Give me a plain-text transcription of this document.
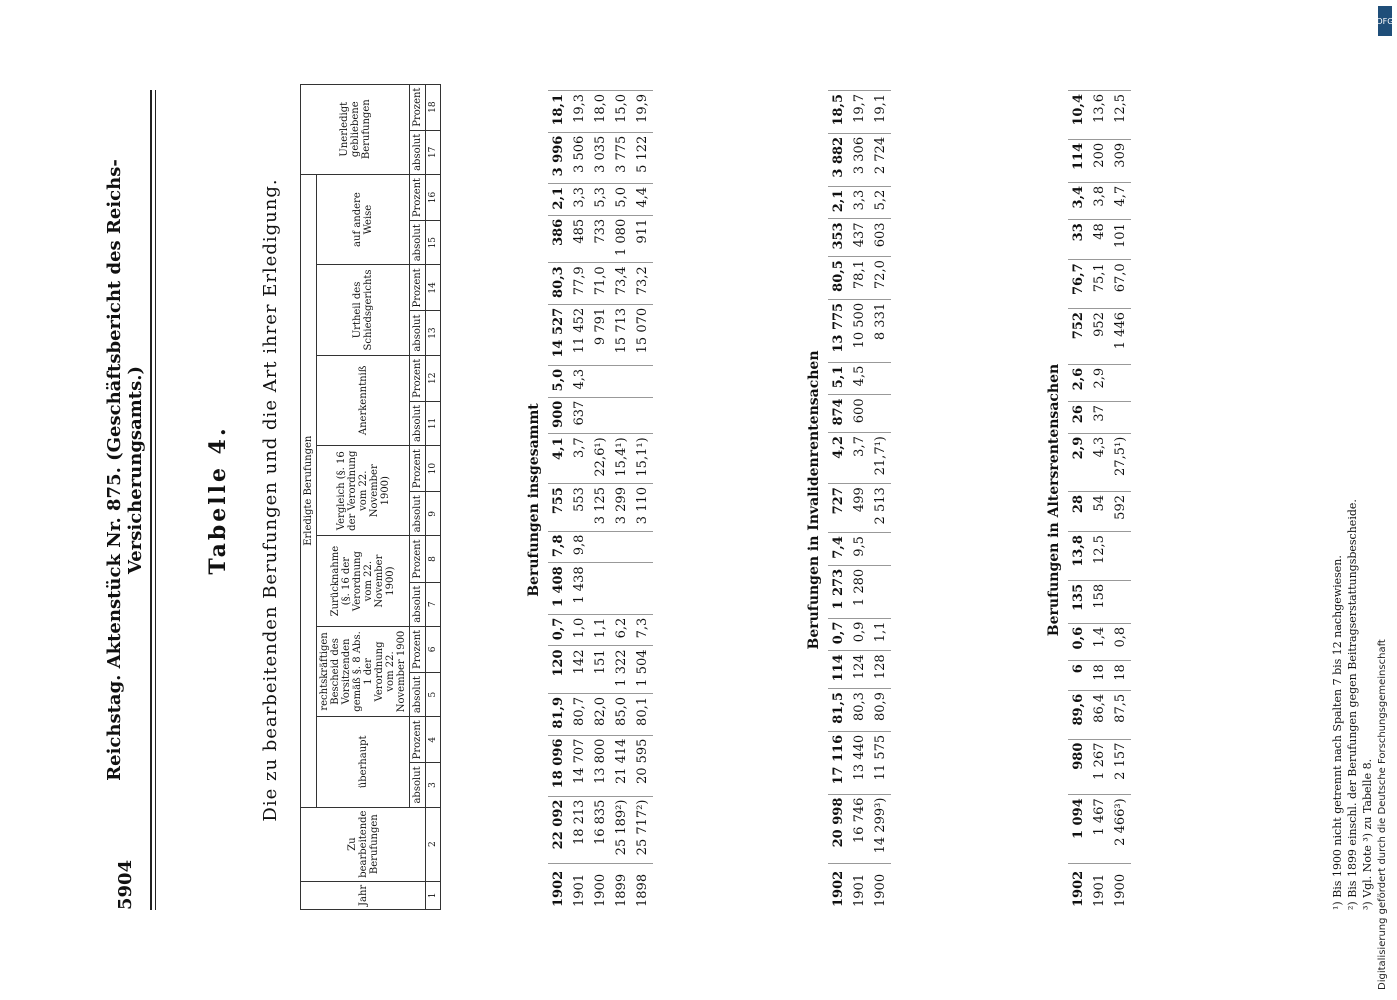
5904
Reichstag. Aktenstück Nr. 875. (Geschäftsbericht des Reichs-Versicherungsamts.)	Tabelle 4. Die zu bearbeitenden Berufungen und die Art ihrer Erledigung.
Jahr	Zu bearbeitende Berufungen	Erledigte Berufungen														Unerledigt gebliebene Berufungen	
		überhaupt		rechtskräftigen Bescheid des Vorsitzenden gemäß §. 8 Abs. 1 der Verordnung vom 22. November 1900		Zurücknahme (§. 16 der Verordnung vom 22. November 1900)		Vergleich (§. 16 der Verordnung vom 22. November 1900)		Anerkenntniß		Urtheil des Schiedsgerichts		auf andere Weise			
		absolut	Prozent	absolut	Prozent	absolut	Prozent	absolut	Prozent	absolut	Prozent	absolut	Prozent	absolut	Prozent	absolut	Prozent
1	2	3	4	5	6	7	8	9	10	11	12	13	14	15	16	17	18
Berufungen insgesammt
1902	22 092	18 096	81,9	120	0,7	1 408	7,8	755	4,1	900	5,0	14 527	80,3	386	2,1	3 996	18,1
1901	18 213	14 707	80,7	142	1,0	1 438	9,8	553	3,7	637	4,3	11 452	77,9	485	3,3	3 506	19,3
1900	16 835	13 800	82,0	151	1,1			3 125	22,6¹)			9 791	71,0	733	5,3	3 035	18,0
1899	25 189²)	21 414	85,0	1 322	6,2			3 299	15,4¹)			15 713	73,4	1 080	5,0	3 775	15,0
1898	25 717²)	20 595	80,1	1 504	7,3			3 110	15,1¹)			15 070	73,2	911	4,4	5 122	19,9
Berufungen in Invalidenrentensachen
1902	20 998	17 116	81,5	114	0,7	1 273	7,4	727	4,2	874	5,1	13 775	80,5	353	2,1	3 882	18,5
1901	16 746	13 440	80,3	124	0,9	1 280	9,5	499	3,7	600	4,5	10 500	78,1	437	3,3	3 306	19,7
1900	14 299³)	11 575	80,9	128	1,1			2 513	21,7¹)			8 331	72,0	603	5,2	2 724	19,1
Berufungen in Altersrentensachen
1902	1 094	980	89,6	6	0,6	135	13,8	28	2,9	26	2,6	752	76,7	33	3,4	114	10,4
1901	1 467	1 267	86,4	18	1,4	158	12,5	54	4,3	37	2,9	952	75,1	48	3,8	200	13,6
1900	2 466³)	2 157	87,5	18	0,8			592	27,5¹)			1 446	67,0	101	4,7	309	12,5
¹) Bis 1900 nicht getrennt nach Spalten 7 bis 12 nachgewiesen. ²) Bis 1899 einschl. der Berufungen gegen Beitragserstattungsbescheide. ³) Vgl. Note ³) zu Tabelle 8.
DFG
Digitalisierung gefördert durch die Deutsche Forschungsgemeinschaft
